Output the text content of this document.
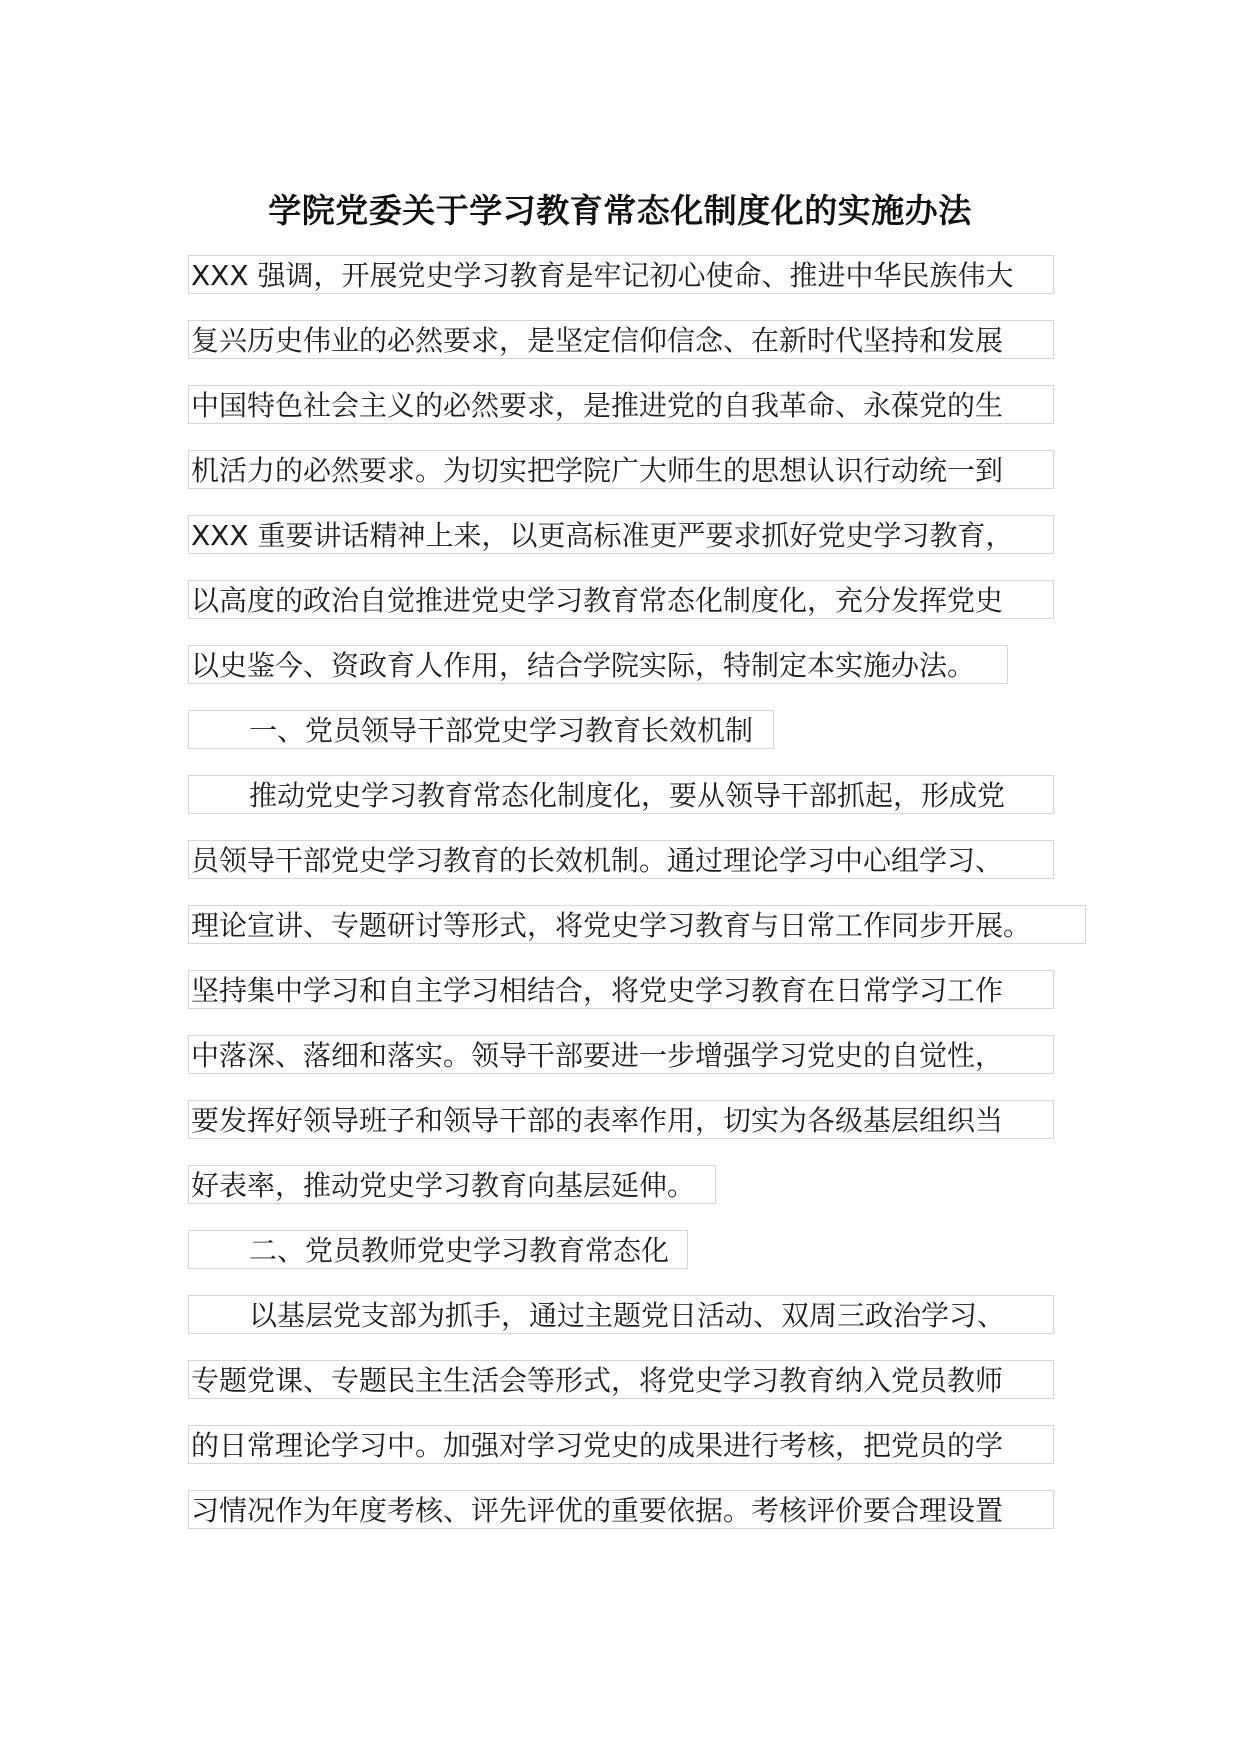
学院党委关于学习教育常态化制度化的实施办法
XXX 强调，开展党史学习教育是牢记初心使命、推进中华民族伟大
复兴历史伟业的必然要求，是坚定信仰信念、在新时代坚持和发展
中国特色社会主义的必然要求，是推进党的自我革命、永葆党的生
机活力的必然要求。为切实把学院广大师生的思想认识行动统一到
XXX 重要讲话精神上来，以更高标准更严要求抓好党史学习教育，
以高度的政治自觉推进党史学习教育常态化制度化，充分发挥党史
以史鉴今、资政育人作用，结合学院实际，特制定本实施办法。
一、党员领导干部党史学习教育长效机制
推动党史学习教育常态化制度化，要从领导干部抓起，形成党
员领导干部党史学习教育的长效机制。通过理论学习中心组学习、
理论宣讲、专题研讨等形式，将党史学习教育与日常工作同步开展。
坚持集中学习和自主学习相结合，将党史学习教育在日常学习工作
中落深、落细和落实。领导干部要进一步增强学习党史的自觉性，
要发挥好领导班子和领导干部的表率作用，切实为各级基层组织当
好表率，推动党史学习教育向基层延伸。
二、党员教师党史学习教育常态化
以基层党支部为抓手，通过主题党日活动、双周三政治学习、
专题党课、专题民主生活会等形式，将党史学习教育纳入党员教师
的日常理论学习中。加强对学习党史的成果进行考核，把党员的学
习情况作为年度考核、评先评优的重要依据。考核评价要合理设置
